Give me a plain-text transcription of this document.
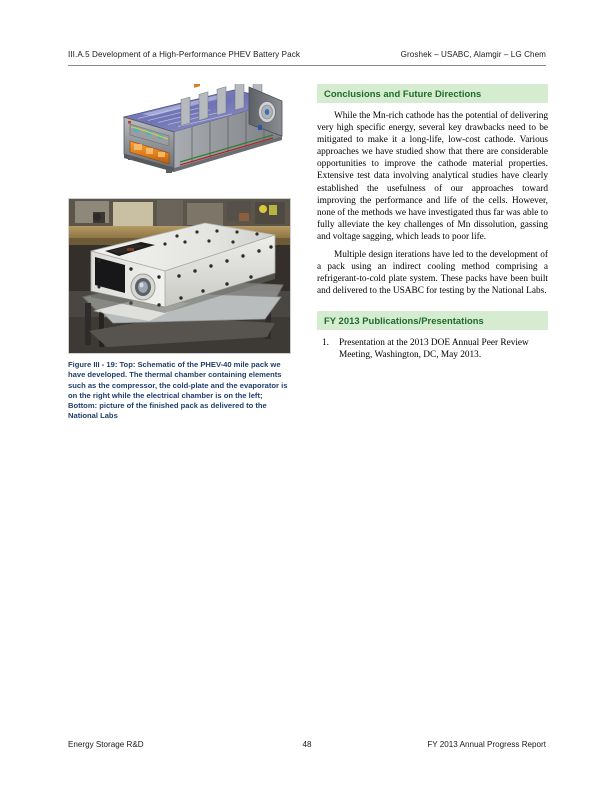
III.A.5 Development of a High-Performance PHEV Battery Pack	Groshek – USABC, Alamgir – LG Chem
Figure III - 19: Top: Schematic of the PHEV-40 mile pack we have developed. The thermal chamber containing elements such as the compressor, the cold-plate and the evaporator is on the right while the electrical chamber is on the left; Bottom: picture of the finished pack as delivered to the National Labs
Conclusions and Future Directions

While the Mn-rich cathode has the potential of delivering very high specific energy, several key drawbacks need to be mitigated to make it a long-life, low-cost cathode. Various approaches we have studied show that there are considerable opportunities to improve the cathode material properties. Extensive test data involving analytical studies have clearly established the usefulness of our approaches toward improving the performance and life of the cells. However, none of the methods we have investigated thus far was able to fully alleviate the key challenges of Mn dissolution, gassing and voltage sagging, which leads to poor life.

Multiple design iterations have led to the development of a pack using an indirect cooling method comprising a refrigerant-to-cold plate system. These packs have been built and delivered to the USABC for testing by the National Labs.

FY 2013 Publications/Presentations
1.	Presentation at the 2013 DOE Annual Peer Review Meeting, Washington, DC, May 2013.
Energy Storage R&D	48	FY 2013 Annual Progress Report
